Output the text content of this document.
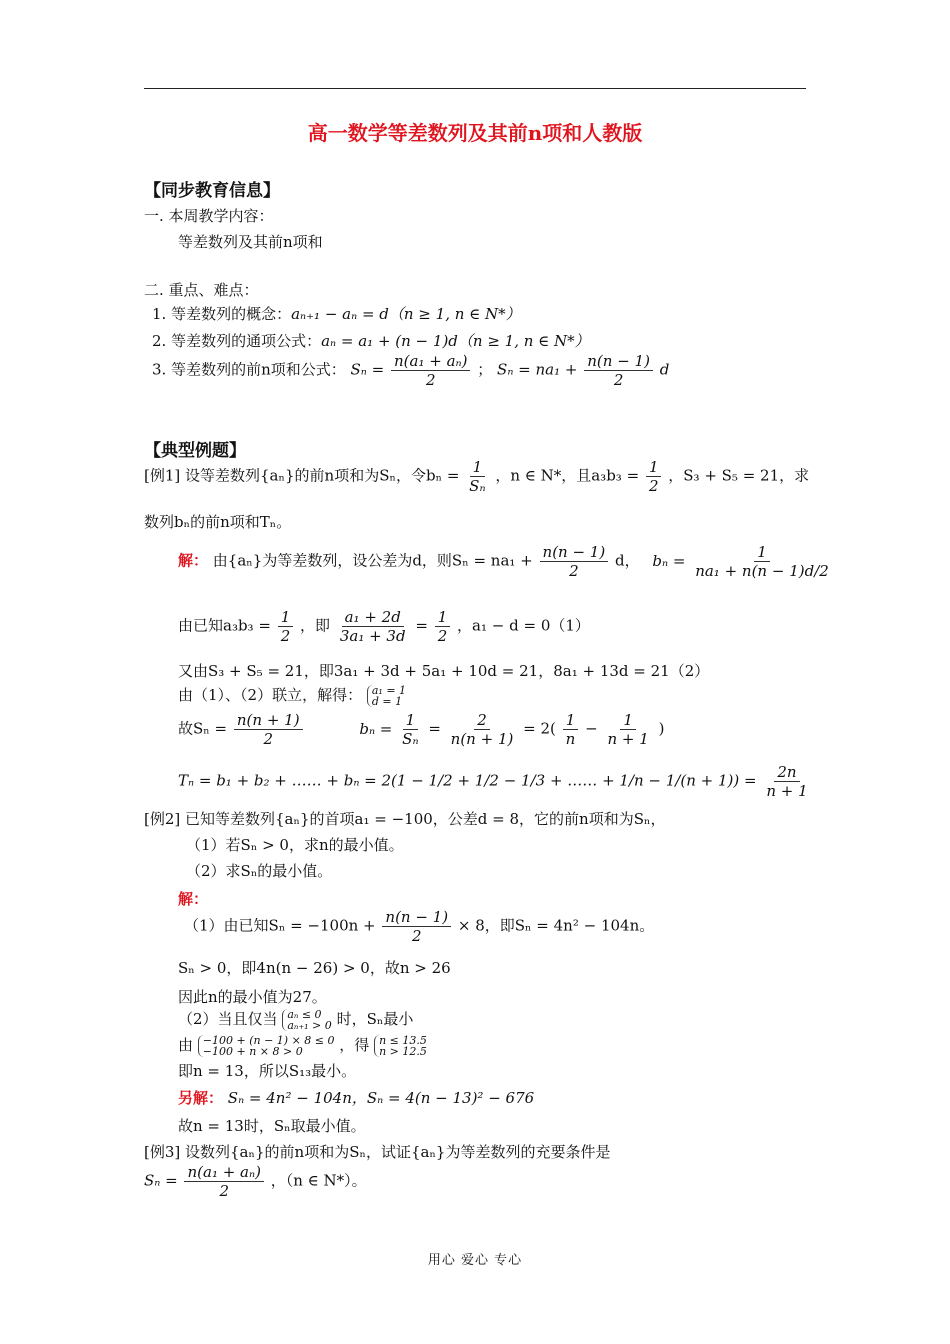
高一数学等差数列及其前n项和人教版
【同步教育信息】
一. 本周教学内容：
等差数列及其前n项和
二. 重点、难点：
1. 等差数列的概念：aₙ₊₁ − aₙ = d（n ≥ 1, n ∈ N*）
2. 等差数列的通项公式：aₙ = a₁ + (n − 1)d（n ≥ 1, n ∈ N*）
3. 等差数列的前n项和公式： $S_n = \frac{\text{n(a₁ + aₙ)}}{2}$ ； $S_n = na_1 + \frac{n(n - 1)}{2}$ d
【典型例题】
[例1] 设等差数列{aₙ}的前n项和为Sₙ，令$b_n = \frac{1}{\text{Sₙ}}$ ，n ∈ N*，且$a_3b_3 = \frac{1}{2}$ ，S₃ + S₅ = 21，求
数列bₙ的前n项和Tₙ。
解： 由{aₙ}为等差数列，设公差为d，则$S_n = na_1 + \frac{n(n - 1)}{2}$ d， $b_n = \frac{1}{\text{na₁ + n(n − 1)d/2}}$
由已知$a_3b_3 = \frac{1}{2}$ ，即 $\frac{\text{a₁ + 2d}}{\text{3a₁ + 3d}} = \frac{1}{2}$ ，a₁ − d = 0（1）
又由S₃ + S₅ = 21，即3a₁ + 3d + 5a₁ + 10d = 21，8a₁ + 13d = 21（2）
由（1）、（2）联立，解得： a₁ = 1
d = 1
故$S_n = \frac{n(n + 1)}{2}$	$b_n = \frac{1}{\text{Sₙ}} = \frac{2}{n(n + 1)} = 2( \frac{1}{n} - \frac{1}{n + 1}$ )
Tₙ = b₁ + b₂ + …… + bₙ = 2(1 − 1/2 + 1/2 − 1/3 + …… + $1/n - 1/(n + 1)) = \frac{2n}{n + 1}$
[例2] 已知等差数列{aₙ}的首项a₁ = −100，公差d = 8，它的前n项和为Sₙ，
（1）若Sₙ > 0，求n的最小值。
（2）求Sₙ的最小值。
解：
（1）由已知$S_n = -100n + \frac{n(n - 1)}{2} \times 8$，即Sₙ = 4n² − 104n。
Sₙ > 0，即4n(n − 26) > 0，故n > 26
因此n的最小值为27。
（2）当且仅当 aₙ ≤ 0
aₙ₊₁ > 0 时，Sₙ最小
由 −100 + (n − 1) × 8 ≤ 0
−100 + n × 8 > 0	，得 n ≤ 13.5
n > 12.5
即n = 13，所以S₁₃最小。
另解： Sₙ = 4n² − 104n，Sₙ = 4(n − 13)² − 676
故n = 13时，Sₙ取最小值。
[例3] 设数列{aₙ}的前n项和为Sₙ，试证{aₙ}为等差数列的充要条件是
$S_n = \frac{\text{n(a₁ + aₙ)}}{2}$ ，（n ∈ N*）。
用心 爱心 专心
